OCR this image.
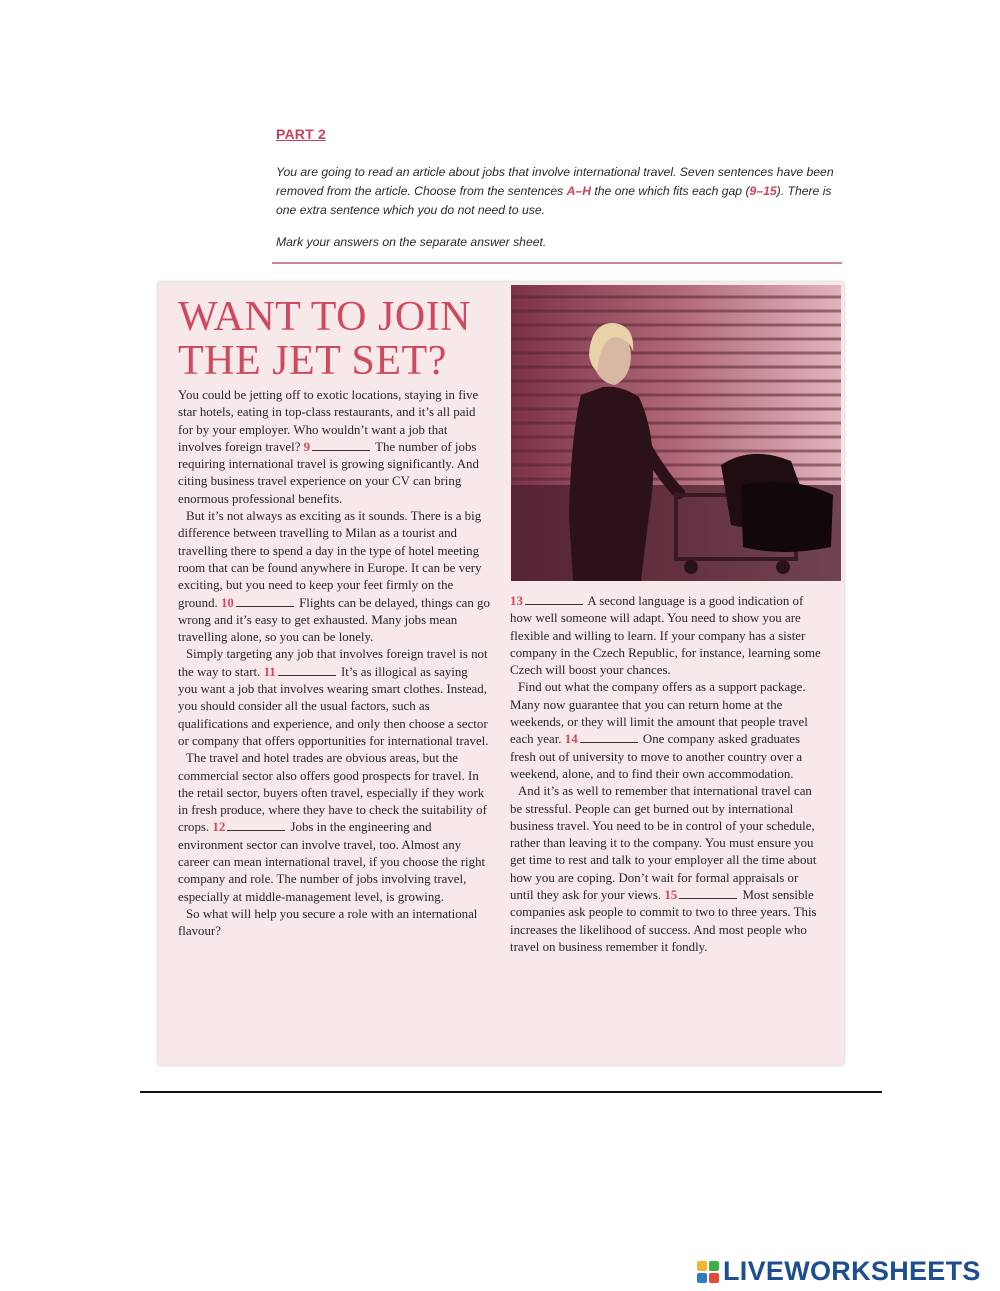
PART 2
You are going to read an article about jobs that involve international travel. Seven sentences have been removed from the article. Choose from the sentences A–H the one which fits each gap (9–15). There is one extra sentence which you do not need to use.
Mark your answers on the separate answer sheet.
WANT TO JOIN
THE JET SET?

You could be jetting off to exotic locations, staying in five star hotels, eating in top-class restaurants, and it’s all paid for by your employer. Who wouldn’t want a job that involves foreign travel? 9	The number of jobs requiring international travel is growing significantly. And citing business travel experience on your CV can bring enormous professional benefits.

But it’s not always as exciting as it sounds. There is a big difference between travelling to Milan as a tourist and travelling there to spend a day in the type of hotel meeting room that can be found anywhere in Europe. It can be very exciting, but you need to keep your feet firmly on the ground. 10	Flights can be delayed, things can go wrong and it’s easy to get exhausted. Many jobs mean travelling alone, so you can be lonely.

Simply targeting any job that involves foreign travel is not the way to start. 11	It’s as illogical as saying you want a job that involves wearing smart clothes. Instead, you should consider all the usual factors, such as qualifications and experience, and only then choose a sector or company that offers opportunities for international travel.

The travel and hotel trades are obvious areas, but the commercial sector also offers good prospects for travel. In the retail sector, buyers often travel, especially if they work in fresh produce, where they have to check the suitability of crops. 12	Jobs in the engineering and environment sector can involve travel, too. Almost any career can mean international travel, if you choose the right company and role. The number of jobs involving travel, especially at middle-management level, is growing.

So what will help you secure a role with an international flavour?

13	A second language is a good indication of how well someone will adapt. You need to show you are flexible and willing to learn. If your company has a sister company in the Czech Republic, for instance, learning some Czech will boost your chances.

Find out what the company offers as a support package. Many now guarantee that you can return home at the weekends, or they will limit the amount that people travel each year. 14	One company asked graduates fresh out of university to move to another country over a weekend, alone, and to find their own accommodation.

And it’s as well to remember that international travel can be stressful. People can get burned out by international business travel. You need to be in control of your schedule, rather than leaving it to the company. You must ensure you get time to rest and talk to your employer all the time about how you are coping. Don’t wait for formal appraisals or until they ask for your views. 15	Most sensible companies ask people to commit to two to three years. This increases the likelihood of success. And most people who travel on business remember it fondly.

LIVEWORKSHEETS
